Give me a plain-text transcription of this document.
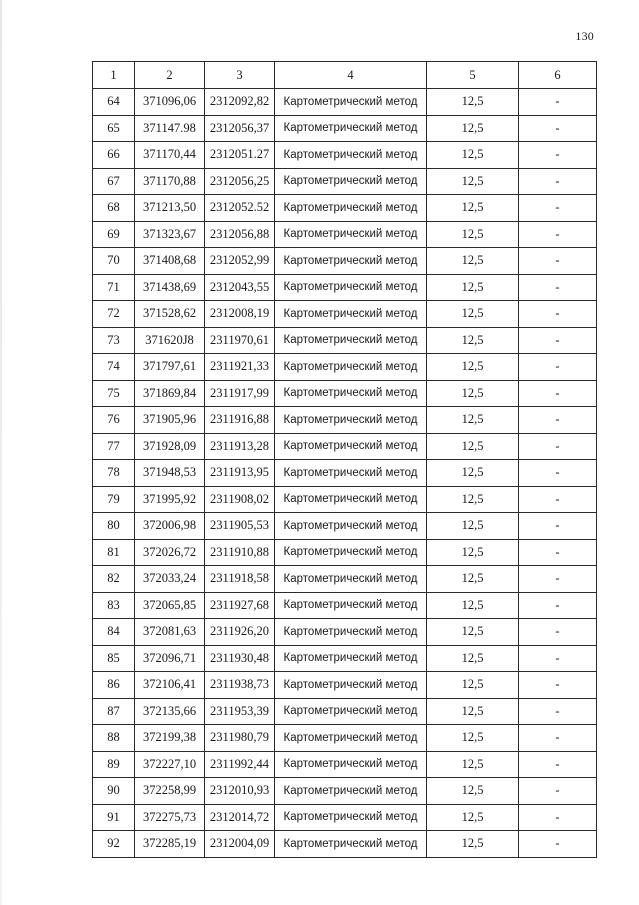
130
1	2	3	4	5	6
64	371096,06	2312092,82	Картометрический метод	12,5	-
65	371147.98	2312056,37	Картометрический метод	12,5	-
66	371170,44	2312051.27	Картометрический метод	12,5	-
67	371170,88	2312056,25	Картометрический метод	12,5	-
68	371213,50	2312052.52	Картометрический метод	12,5	-
69	371323,67	2312056,88	Картометрический метод	12,5	-
70	371408,68	2312052,99	Картометрический метод	12,5	-
71	371438,69	2312043,55	Картометрический метод	12,5	-
72	371528,62	2312008,19	Картометрический метод	12,5	-
73	371620J8	2311970,61	Картометрический метод	12,5	-
74	371797,61	2311921,33	Картометрический метод	12,5	-
75	371869,84	2311917,99	Картометрический метод	12,5	-
76	371905,96	2311916,88	Картометрический метод	12,5	-
77	371928,09	2311913,28	Картометрический метод	12,5	-
78	371948,53	2311913,95	Картометрический метод	12,5	-
79	371995,92	2311908,02	Картометрический метод	12,5	-
80	372006,98	2311905,53	Картометрический метод	12,5	-
81	372026,72	2311910,88	Картометрический метод	12,5	-
82	372033,24	2311918,58	Картометрический метод	12,5	-
83	372065,85	2311927,68	Картометрический метод	12,5	-
84	372081,63	2311926,20	Картометрический метод	12,5	-
85	372096,71	2311930,48	Картометрический метод	12,5	-
86	372106,41	2311938,73	Картометрический метод	12,5	-
87	372135,66	2311953,39	Картометрический метод	12,5	-
88	372199,38	2311980,79	Картометрический метод	12,5	-
89	372227,10	2311992,44	Картометрический метод	12,5	-
90	372258,99	2312010,93	Картометрический метод	12,5	-
91	372275,73	2312014,72	Картометрический метод	12,5	-
92	372285,19	2312004,09	Картометрический метод	12,5	-
